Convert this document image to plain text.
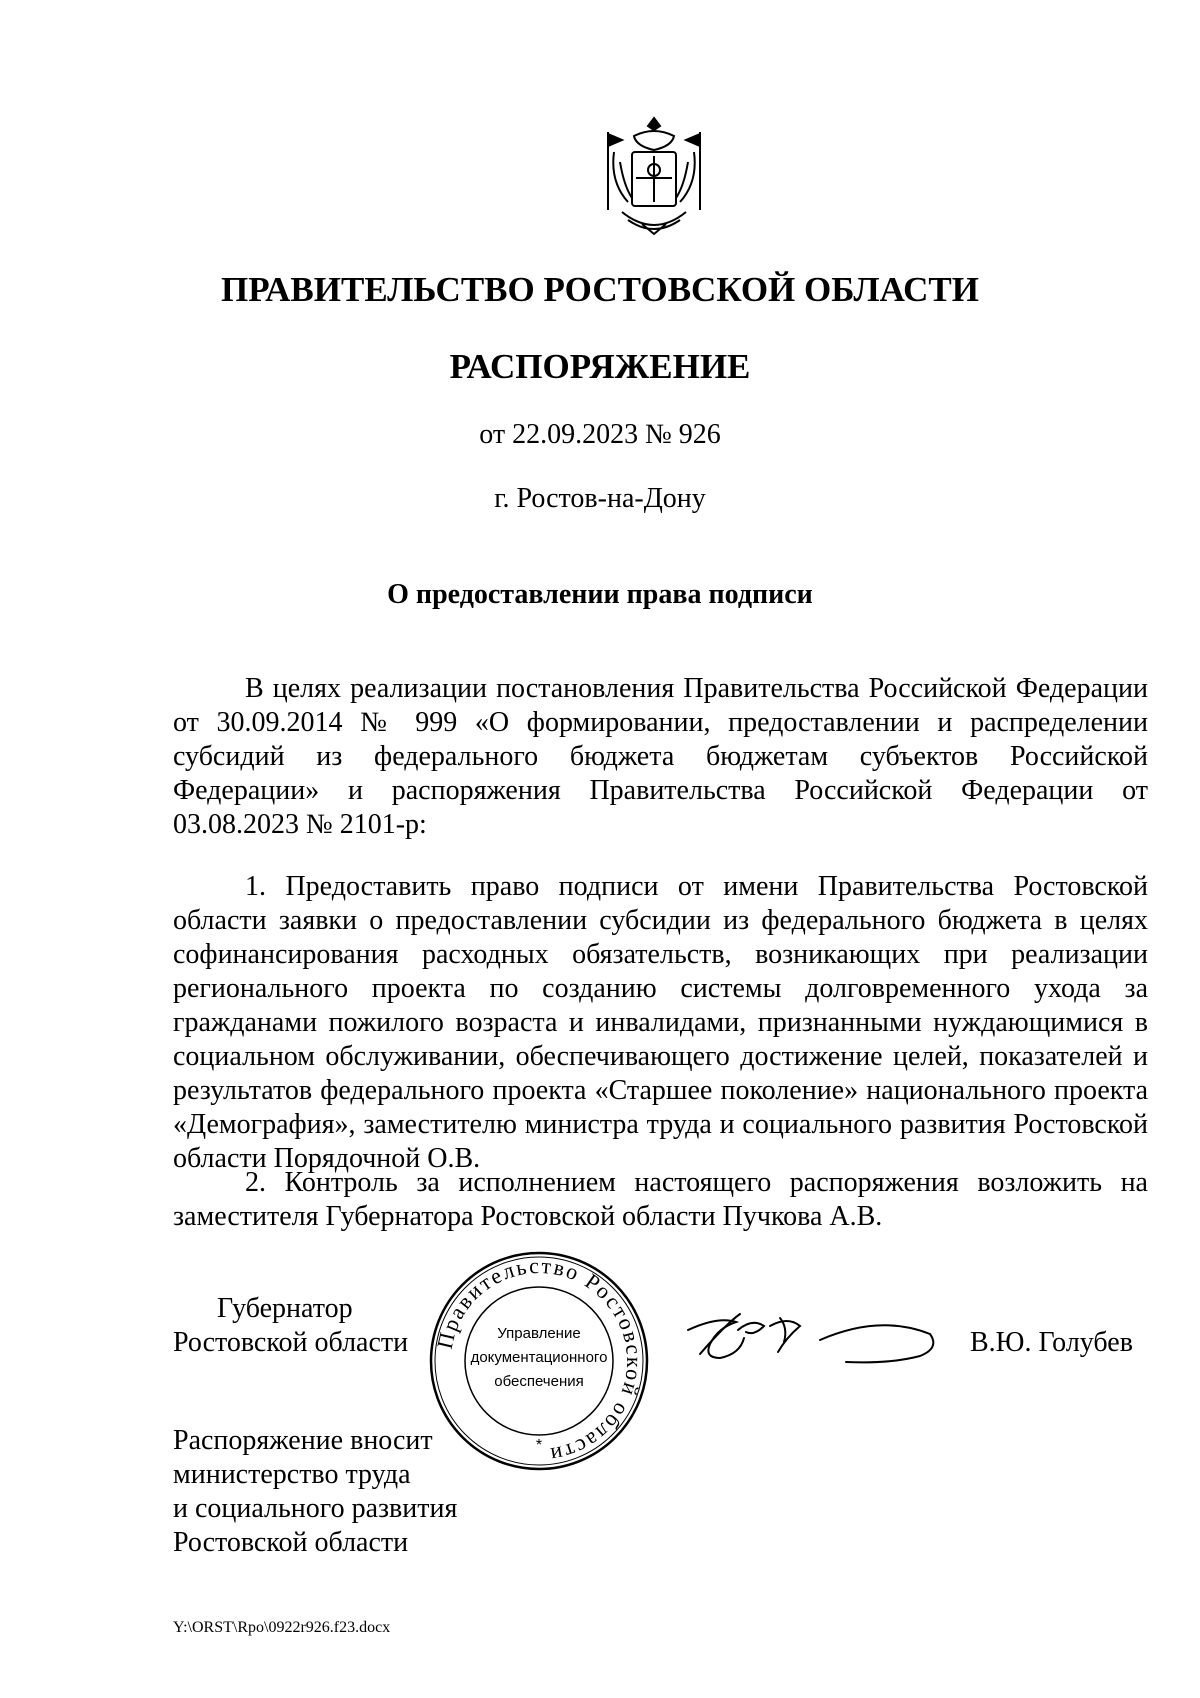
ПРАВИТЕЛЬСТВО РОСТОВСКОЙ ОБЛАСТИ
РАСПОРЯЖЕНИЕ
от 22.09.2023 № 926
г. Ростов-на-Дону
О предоставлении права подписи

В целях реализации постановления Правительства Российской Федерации от 30.09.2014 № 999 «О формировании, предоставлении и распределении субсидий из федерального бюджета бюджетам субъектов Российской Федерации» и распоряжения Правительства Российской Федерации от 03.08.2023 № 2101-р:

1. Предоставить право подписи от имени Правительства Ростовской области заявки о предоставлении субсидии из федерального бюджета в целях софинансирования расходных обязательств, возникающих при реализации регионального проекта по созданию системы долговременного ухода за гражданами пожилого возраста и инвалидами, признанными нуждающимися в социальном обслуживании, обеспечивающего достижение целей, показателей и результатов федерального проекта «Старшее поколение» национального проекта «Демография», заместителю министра труда и социального развития Ростовской области Порядочной О.В.

2. Контроль за исполнением настоящего распоряжения возложить на заместителя Губернатора Ростовской области Пучкова А.В.

Губернатор
Ростовской области Правительство Ростовской области
Управление
документационного
обеспечения
*
В.Ю. Голубев
Распоряжение вносит
министерство труда
и социального развития
Ростовской области
Y:\ORST\Rpo\0922r926.f23.docx
